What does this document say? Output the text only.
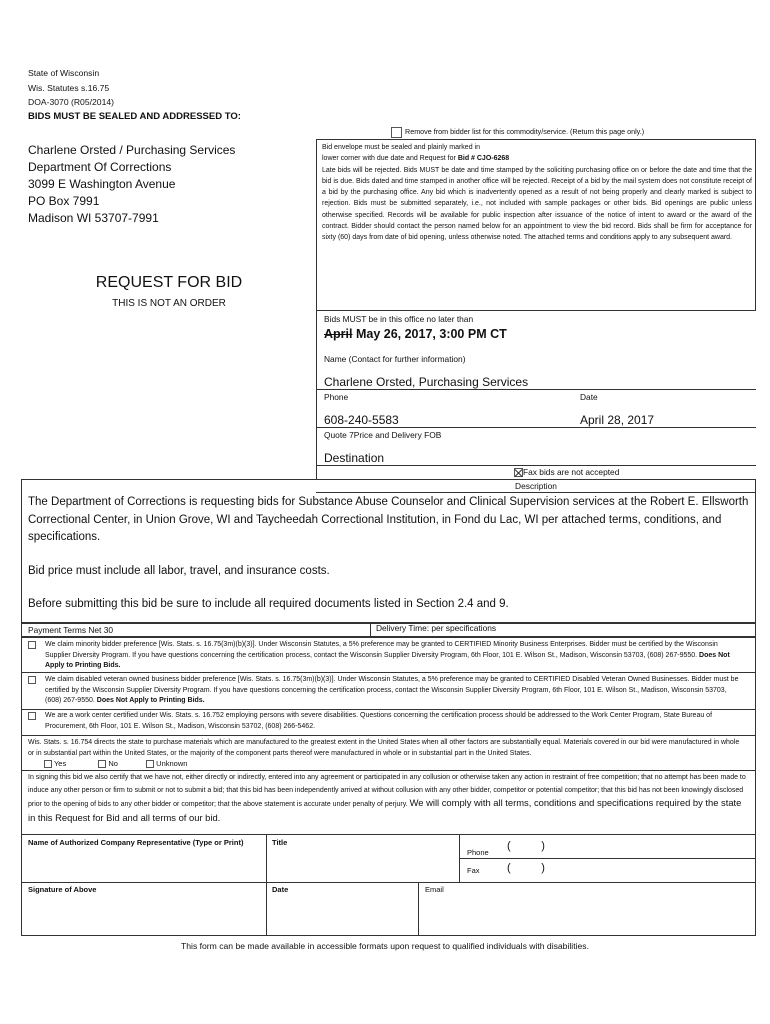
State of Wisconsin
Wis. Statutes s.16.75
DOA-3070 (R05/2014)
BIDS MUST BE SEALED AND ADDRESSED TO:
Remove from bidder list for this commodity/service. (Return this page only.)
Charlene Orsted / Purchasing Services
Department Of Corrections
3099 E Washington Avenue
PO Box 7991
Madison WI 53707-7991
REQUEST FOR BID
THIS IS NOT AN ORDER
Bid envelope must be sealed and plainly marked in
lower corner with due date and Request for Bid # CJO-6268
Late bids will be rejected. Bids MUST be date and time stamped by the soliciting purchasing office on or before the date and time that the bid is due. Bids dated and time stamped in another office will be rejected. Receipt of a bid by the mail system does not constitute receipt of a bid by the purchasing office. Any bid which is inadvertently opened as a result of not being properly and clearly marked is subject to rejection. Bids must be submitted separately, i.e., not included with sample packages or other bids. Bid openings are public unless otherwise specified. Records will be available for public inspection after issuance of the notice of intent to award or the award of the contract. Bidder should contact the person named below for an appointment to view the bid record. Bids shall be firm for acceptance for sixty (60) days from date of bid opening, unless otherwise noted. The attached terms and conditions apply to any subsequent award.
Bids MUST be in this office no later than
April May 26, 2017, 3:00 PM CT
Name (Contact for further information)
Charlene Orsted, Purchasing Services
Phone	Date
608-240-5583	April 28, 2017
Quote 7Price and Delivery FOB
Destination
Fax bids are not accepted
Description
The Department of Corrections is requesting bids for Substance Abuse Counselor and Clinical Supervision services at the Robert E. Ellsworth Correctional Center, in Union Grove, WI and Taycheedah Correctional Institution, in Fond du Lac, WI per attached terms, conditions, and specifications.
Bid price must include all labor, travel, and insurance costs.
Before submitting this bid be sure to include all required documents listed in Section 2.4 and 9.
Payment Terms Net 30	Delivery Time: per specifications
We claim minority bidder preference [Wis. Stats. s. 16.75(3m)(b)(3)]. Under Wisconsin Statutes, a 5% preference may be granted to CERTIFIED Minority Business Enterprises. Bidder must be certified by the Wisconsin Supplier Diversity Program. If you have questions concerning the certification process, contact the Wisconsin Supplier Diversity Program, 6th Floor, 101 E. Wilson St., Madison, Wisconsin 53703, (608) 267-9550. Does Not Apply to Printing Bids.
We claim disabled veteran owned business bidder preference [Wis. Stats. s. 16.75(3m)(b)(3)]. Under Wisconsin Statutes, a 5% preference may be granted to CERTIFIED Disabled Veteran Owned Businesses. Bidder must be certified by the Wisconsin Supplier Diversity Program. If you have questions concerning the certification process, contact the Wisconsin Supplier Diversity Program, 6th Floor, 101 E. Wilson St., Madison, Wisconsin 53703, (608) 267-9550. Does Not Apply to Printing Bids.
We are a work center certified under Wis. Stats. s. 16.752 employing persons with severe disabilities. Questions concerning the certification process should be addressed to the Work Center Program, State Bureau of Procurement, 6th Floor, 101 E. Wilson St., Madison, Wisconsin 53702, (608) 266-5462.
Wis. Stats. s. 16.754 directs the state to purchase materials which are manufactured to the greatest extent in the United States when all other factors are substantially equal. Materials covered in our bid were manufactured in whole or in substantial part within the United States, or the majority of the component parts thereof were manufactured in whole or in substantial part in the United States.
Yes	No	Unknown
In signing this bid we also certify that we have not, either directly or indirectly, entered into any agreement or participated in any collusion or otherwise taken any action in restraint of free competition; that no attempt has been made to induce any other person or firm to submit or not to submit a bid; that this bid has been independently arrived at without collusion with any other bidder, competitor or potential competitor; that this bid has not been knowingly disclosed prior to the opening of bids to any other bidder or competitor; that the above statement is accurate under penalty of perjury. We will comply with all terms, conditions and specifications required by the state in this Request for Bid and all terms of our bid.
Name of Authorized Company Representative (Type or Print)	Title
Phone
(          )
Fax (          )
Signature of Above	Date	Email
This form can be made available in accessible formats upon request to qualified individuals with disabilities.
